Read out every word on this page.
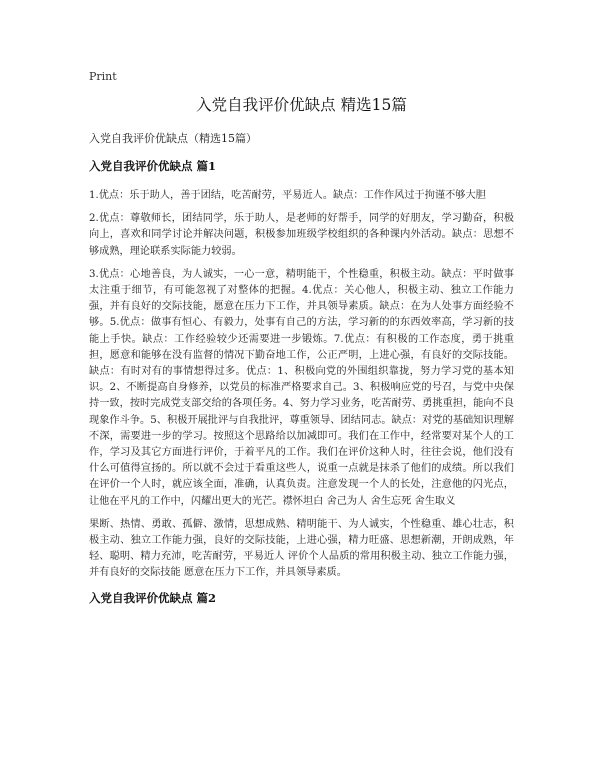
Print
入党自我评价优缺点 精选15篇
入党自我评价优缺点（精选15篇）
入党自我评价优缺点 篇1

1.优点：乐于助人，善于团结，吃苦耐劳，平易近人。缺点：工作作风过于拘谨不够大胆

2.优点：尊敬师长，团结同学，乐于助人，是老师的好帮手，同学的好朋友，学习勤奋，积极向上，喜欢和同学讨论并解决问题，积极参加班级学校组织的各种课内外活动。缺点：思想不够成熟，理论联系实际能力较弱。

3.优点：心地善良，为人诚实，一心一意，精明能干，个性稳重，积极主动。缺点：平时做事太注重于细节，有可能忽视了对整体的把握。4.优点：关心他人，积极主动、独立工作能力强，并有良好的交际技能，愿意在压力下工作，并具领导素质。缺点：在为人处事方面经验不够。5.优点：做事有恒心、有毅力，处事有自己的方法，学习新的的东西效率高，学习新的技能上手快。缺点：工作经验较少还需要进一步锻炼。7.优点：有积极的工作态度，勇于挑重担，愿意和能够在没有监督的情况下勤奋地工作，公正严明，上进心强，有良好的交际技能。缺点：有时对有的事情想得过多。优点：1、积极向党的外围组织靠拢，努力学习党的基本知识。2、不断提高自身修养，以党员的标准严格要求自己。3、积极响应党的号召，与党中央保持一致，按时完成党支部交给的各项任务。4、努力学习业务，吃苦耐劳、勇挑重担，能向不良现象作斗争。5、积极开展批评与自我批评，尊重领导、团结同志。缺点：对党的基础知识理解不深，需要进一步的学习。按照这个思路给以加减即可。我们在工作中，经常要对某个人的工作，学习及其它方面进行评价，于着平凡的工作。我们在评价这种人时，往往会说，他们没有什么可值得宣扬的。所以就不会过于看重这些人，说重一点就是抹杀了他们的成绩。所以我们在评价一个人时，就应该全面，准确，认真负责。注意发现一个人的长处，注意他的闪光点，让他在平凡的工作中，闪耀出更大的光芒。襟怀坦白 舍己为人 舍生忘死 舍生取义

果断、热情、勇敢、孤僻、激情，思想成熟、精明能干、为人诚实，个性稳重、雄心壮志，积极主动、独立工作能力强，良好的交际技能，上进心强，精力旺盛、思想新潮，开朗成熟，年轻、聪明、精力充沛，吃苦耐劳，平易近人 评价个人品质的常用积极主动、独立工作能力强，并有良好的交际技能 愿意在压力下工作，并具领导素质。

入党自我评价优缺点 篇2
